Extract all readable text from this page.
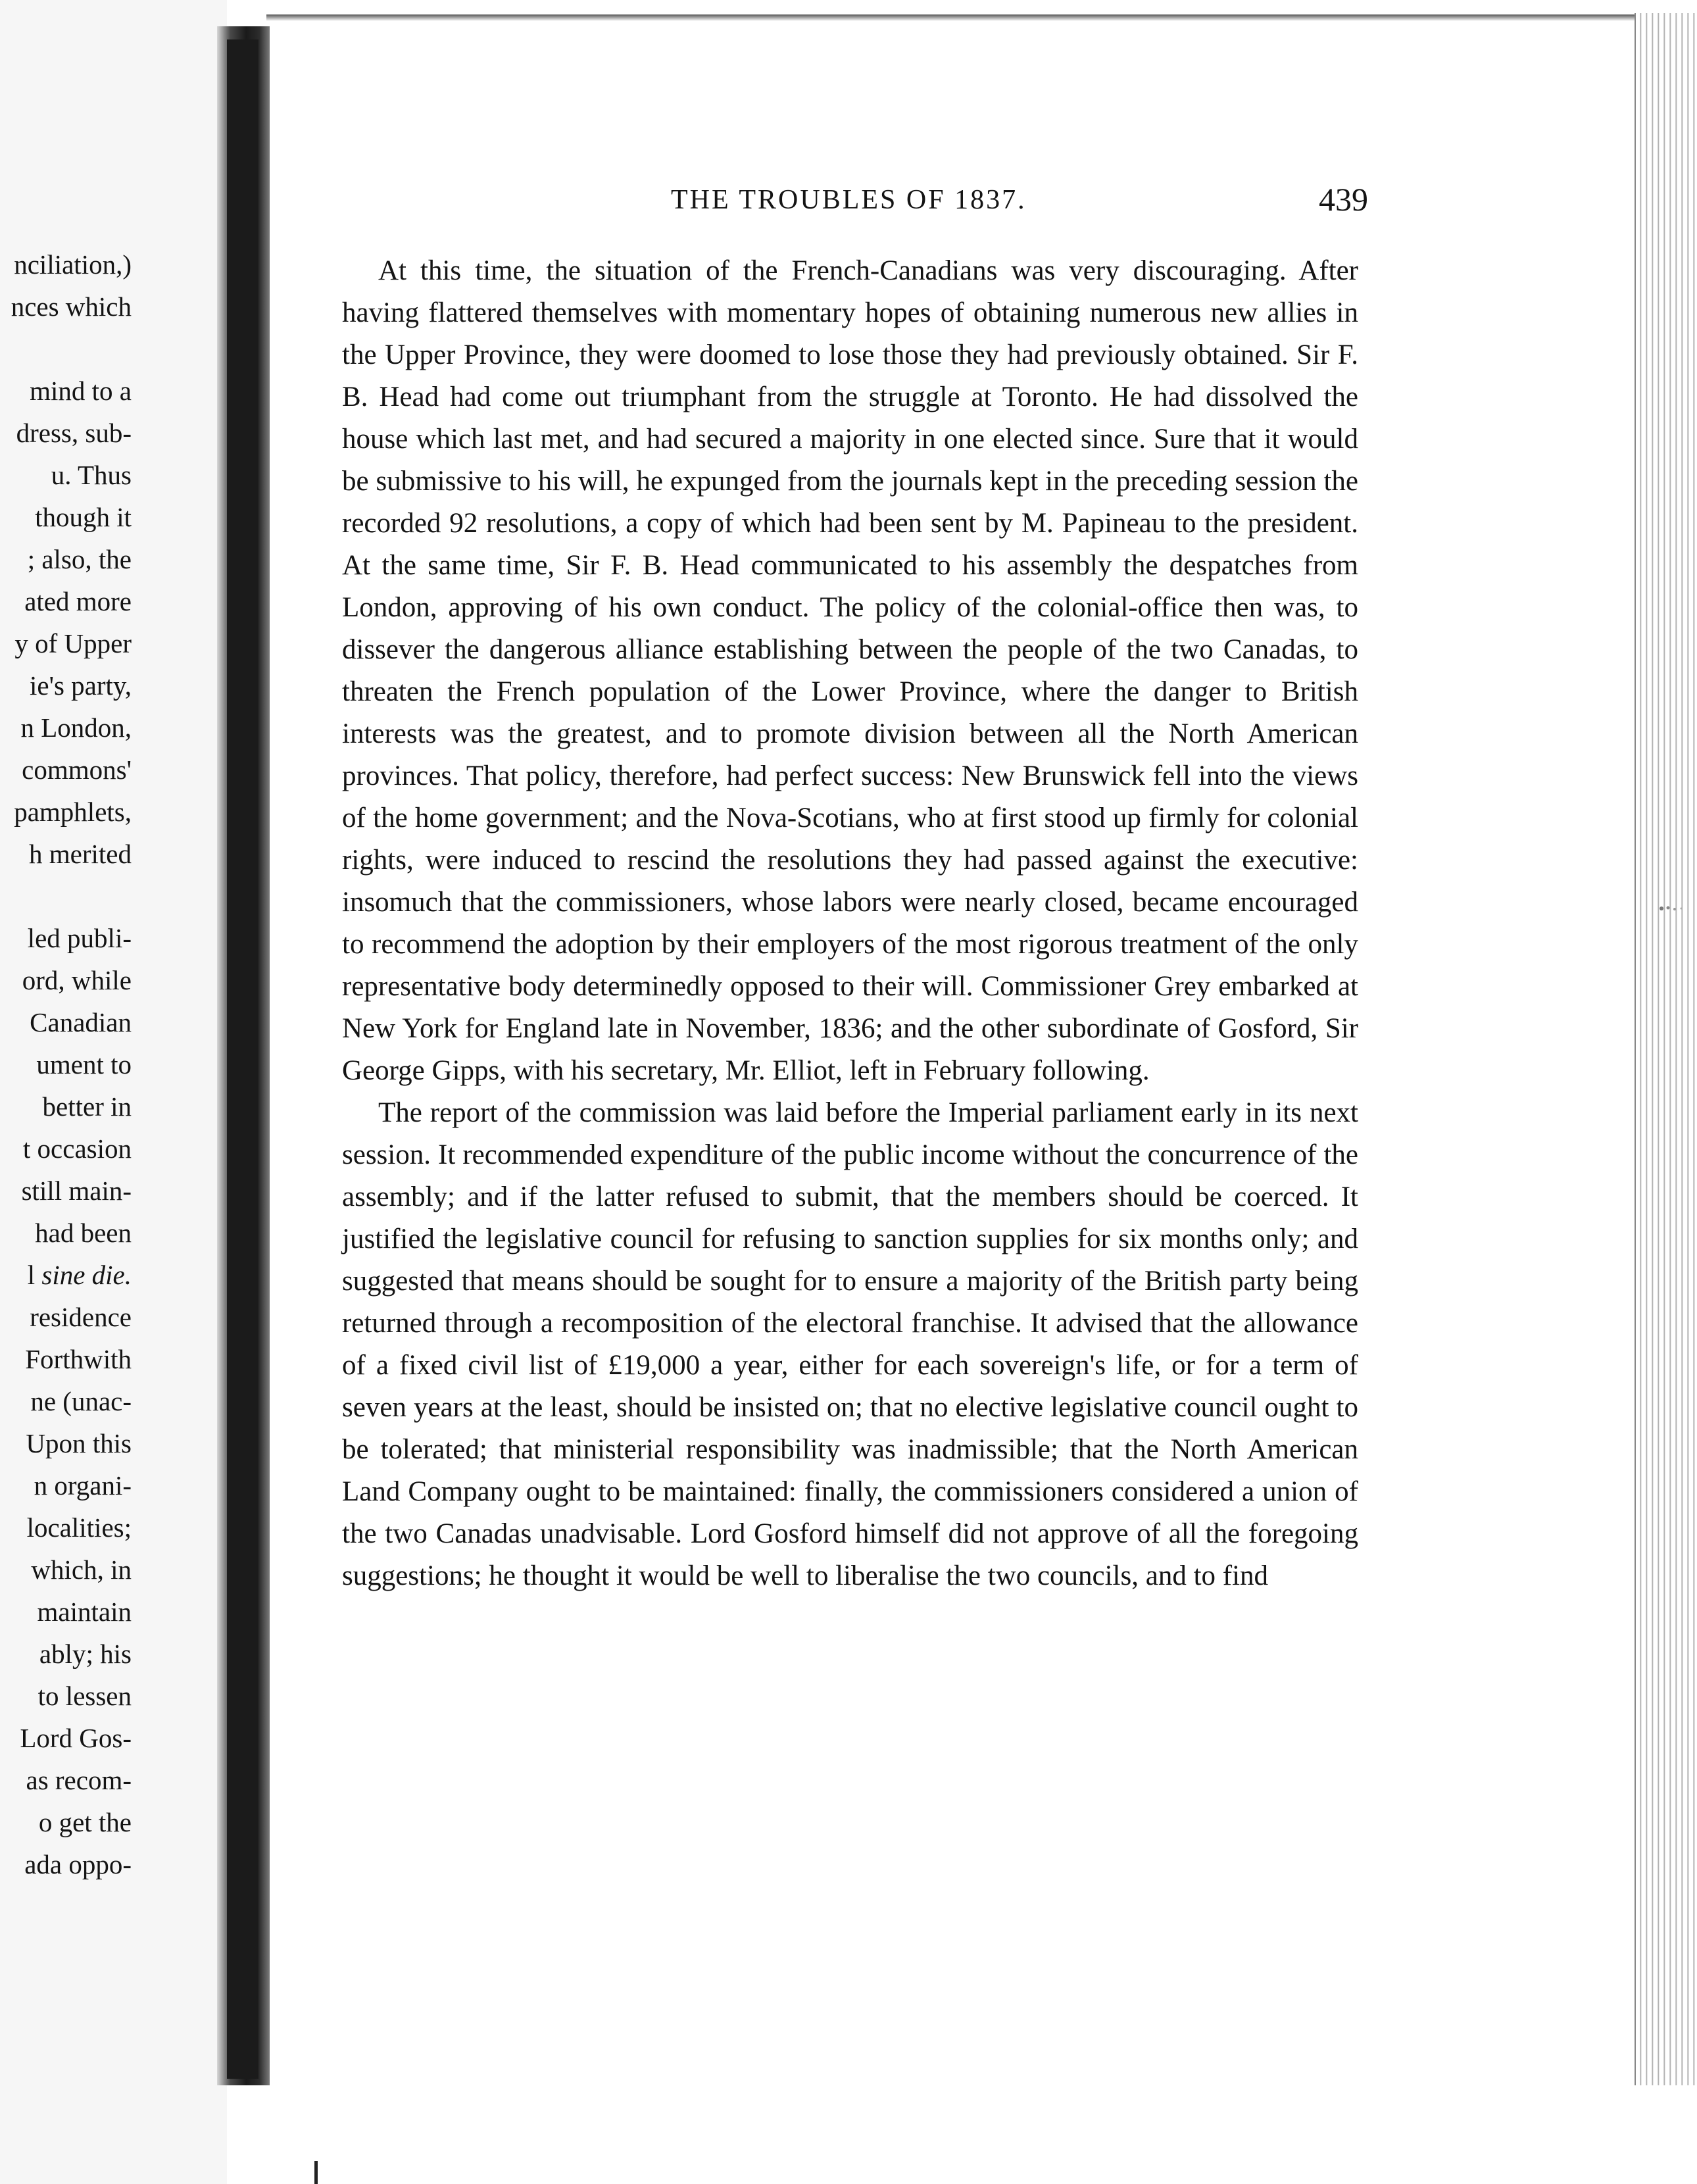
nciliation,)
nces which
mind to a
dress, sub-
u. Thus
though it
; also, the
ated more
y of Upper
ie's party,
n London,
commons'
pamphlets,
h merited
led publi-
ord, while
Canadian
ument to
better in
t occasion
still main-
had been
l sine die.
residence
Forthwith
ne (unac-
Upon this
n organi-
localities;
which, in
maintain
ably; his
to lessen
Lord Gos-
as recom-
o get the
ada oppo-
THE TROUBLES OF 1837.	439

At this time, the situation of the French-Canadians was very discouraging. After having flattered themselves with momentary hopes of obtaining numerous new allies in the Upper Province, they were doomed to lose those they had previously obtained. Sir F. B. Head had come out triumphant from the struggle at Toronto. He had dissolved the house which last met, and had secured a majority in one elected since. Sure that it would be submissive to his will, he expunged from the journals kept in the preceding session the recorded 92 resolutions, a copy of which had been sent by M. Papineau to the president. At the same time, Sir F. B. Head communicated to his assembly the despatches from London, approving of his own conduct. The policy of the colonial-office then was, to dissever the dangerous alliance establishing between the people of the two Canadas, to threaten the French population of the Lower Province, where the danger to British interests was the greatest, and to promote division between all the North American provinces. That policy, therefore, had perfect success: New Brunswick fell into the views of the home government; and the Nova-Scotians, who at first stood up firmly for colonial rights, were induced to rescind the resolutions they had passed against the executive: insomuch that the commissioners, whose labors were nearly closed, became encouraged to recommend the adoption by their employers of the most rigorous treatment of the only representative body determinedly opposed to their will. Commissioner Grey embarked at New York for England late in November, 1836; and the other subordinate of Gosford, Sir George Gipps, with his secretary, Mr. Elliot, left in February following.

The report of the commission was laid before the Imperial parliament early in its next session. It recommended expenditure of the public income without the concurrence of the assembly; and if the latter refused to submit, that the members should be coerced. It justified the legislative council for refusing to sanction supplies for six months only; and suggested that means should be sought for to ensure a majority of the British party being returned through a recomposition of the electoral franchise. It advised that the allowance of a fixed civil list of £19,000 a year, either for each sovereign's life, or for a term of seven years at the least, should be insisted on; that no elective legislative council ought to be tolerated; that ministerial responsibility was inadmissible; that the North American Land Company ought to be maintained: finally, the commissioners considered a union of the two Canadas unadvisable. Lord Gosford himself did not approve of all the foregoing suggestions; he thought it would be well to liberalise the two councils, and to find
